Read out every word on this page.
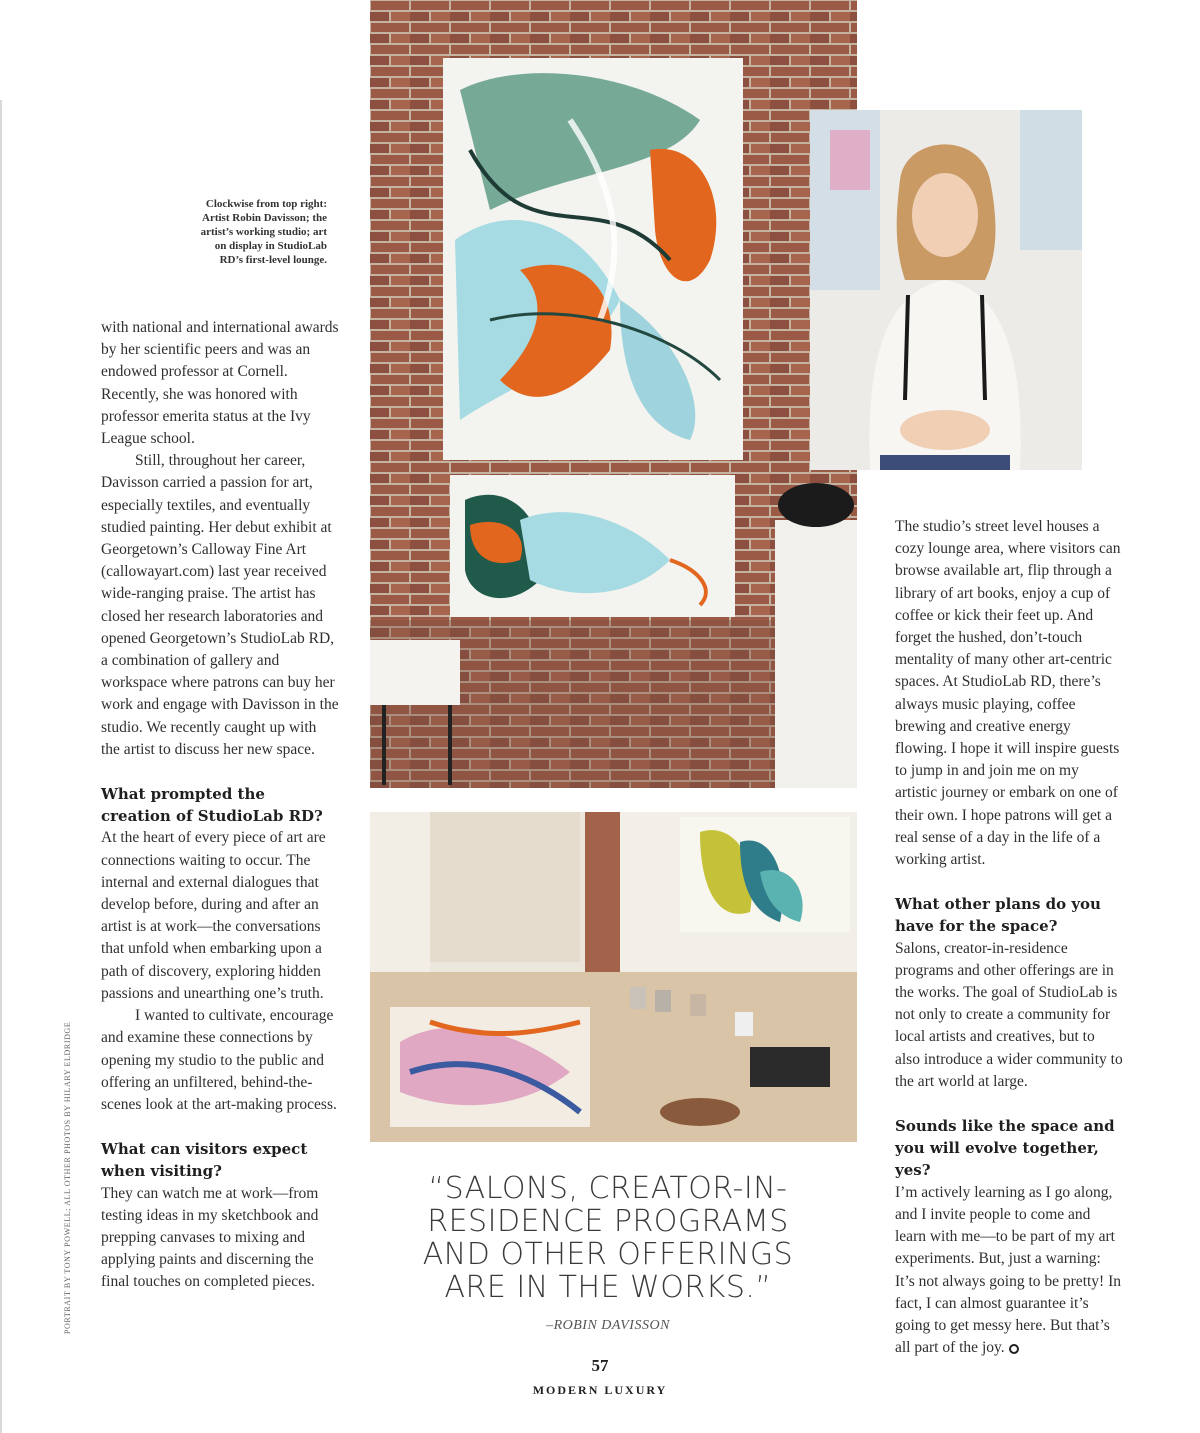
Clockwise from top right: Artist Robin Davisson; the artist’s working studio; art on display in StudioLab RD’s first-level lounge.
PORTRAIT BY TONY POWELL; ALL OTHER PHOTOS BY HILARY ELDRIDGE

with national and international awards by her scientific peers and was an endowed professor at Cornell. Recently, she was honored with professor emerita status at the Ivy League school.

Still, throughout her career, Davisson carried a passion for art, especially textiles, and eventually studied painting. Her debut exhibit at Georgetown’s Calloway Fine Art (callowayart.com) last year received wide-ranging praise. The artist has closed her research laboratories and opened Georgetown’s StudioLab RD, a combination of gallery and workspace where patrons can buy her work and engage with Davisson in the studio. We recently caught up with the artist to discuss her new space.

What prompted the creation of StudioLab RD?

At the heart of every piece of art are connections waiting to occur. The internal and external dialogues that develop before, during and after an artist is at work—the conversations that unfold when embarking upon a path of discovery, exploring hidden passions and unearthing one’s truth.

I wanted to cultivate, encourage and examine these connections by opening my studio to the public and offering an unfiltered, behind-the-scenes look at the art-making process.

What can visitors expect when visiting?

They can watch me at work—from testing ideas in my sketchbook and prepping canvases to mixing and applying paints and discerning the final touches on completed pieces.

The studio’s street level houses a cozy lounge area, where visitors can browse available art, flip through a library of art books, enjoy a cup of coffee or kick their feet up. And forget the hushed, don’t-touch mentality of many other art-centric spaces. At StudioLab RD, there’s always music playing, coffee brewing and creative energy flowing. I hope it will inspire guests to jump in and join me on my artistic journey or embark on one of their own. I hope patrons will get a real sense of a day in the life of a working artist.

What other plans do you have for the space?

Salons, creator-in-residence programs and other offerings are in the works. The goal of StudioLab is not only to create a community for local artists and creatives, but to also introduce a wider community to the art world at large.

Sounds like the space and you will evolve together, yes?

I’m actively learning as I go along, and I invite people to come and learn with me—to be part of my art experiments. But, just a warning: It’s not always going to be pretty! In fact, I can almost guarantee it’s going to get messy here. But that’s all part of the joy.

“SALONS, CREATOR-IN-RESIDENCE PROGRAMS AND OTHER OFFERINGS ARE IN THE WORKS.”
–ROBIN DAVISSON
57
MODERN LUXURY
